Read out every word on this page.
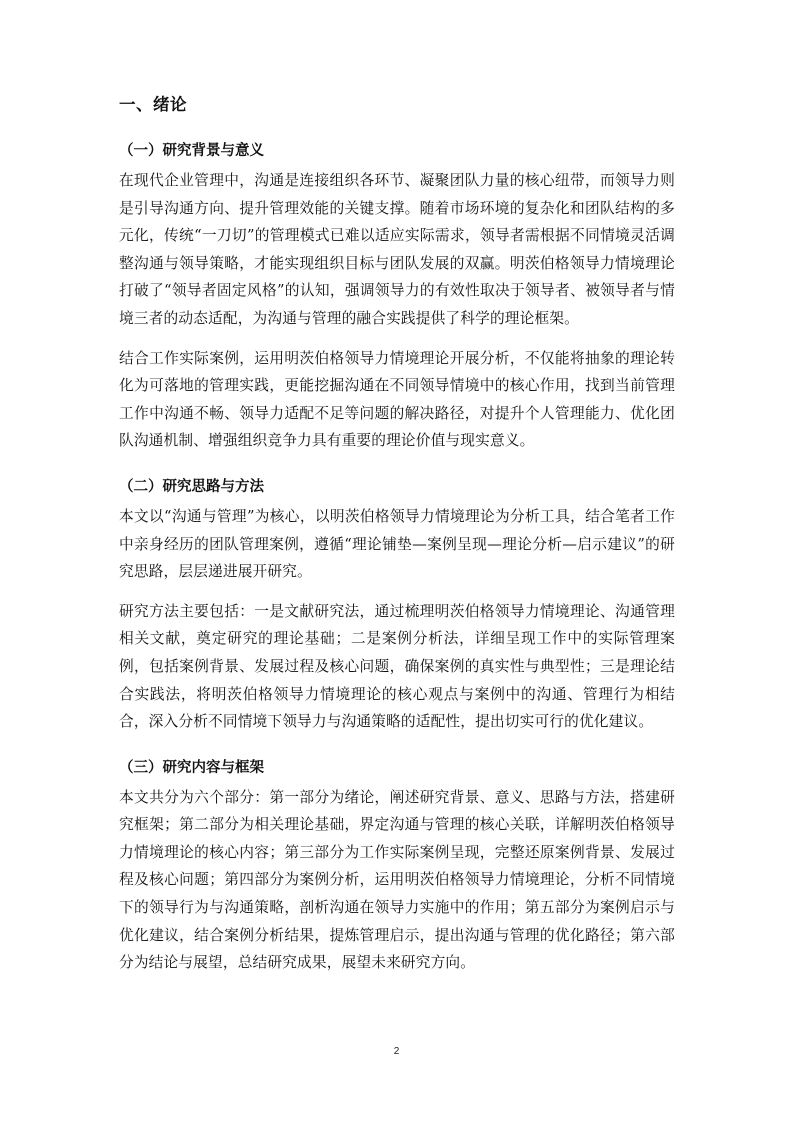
一、绪论
（一）研究背景与意义

在现代企业管理中，沟通是连接组织各环节、凝聚团队力量的核心纽带，而领导力则是引导沟通方向、提升管理效能的关键支撑。随着市场环境的复杂化和团队结构的多元化，传统“一刀切”的管理模式已难以适应实际需求，领导者需根据不同情境灵活调整沟通与领导策略，才能实现组织目标与团队发展的双赢。明茨伯格领导力情境理论打破了“领导者固定风格”的认知，强调领导力的有效性取决于领导者、被领导者与情境三者的动态适配，为沟通与管理的融合实践提供了科学的理论框架。

结合工作实际案例，运用明茨伯格领导力情境理论开展分析，不仅能将抽象的理论转化为可落地的管理实践，更能挖掘沟通在不同领导情境中的核心作用，找到当前管理工作中沟通不畅、领导力适配不足等问题的解决路径，对提升个人管理能力、优化团队沟通机制、增强组织竞争力具有重要的理论价值与现实意义。

（二）研究思路与方法

本文以“沟通与管理”为核心，以明茨伯格领导力情境理论为分析工具，结合笔者工作中亲身经历的团队管理案例，遵循“理论铺垫—案例呈现—理论分析—启示建议”的研究思路，层层递进展开研究。

研究方法主要包括：一是文献研究法，通过梳理明茨伯格领导力情境理论、沟通管理相关文献，奠定研究的理论基础；二是案例分析法，详细呈现工作中的实际管理案例，包括案例背景、发展过程及核心问题，确保案例的真实性与典型性；三是理论结合实践法，将明茨伯格领导力情境理论的核心观点与案例中的沟通、管理行为相结合，深入分析不同情境下领导力与沟通策略的适配性，提出切实可行的优化建议。

（三）研究内容与框架

本文共分为六个部分：第一部分为绪论，阐述研究背景、意义、思路与方法，搭建研究框架；第二部分为相关理论基础，界定沟通与管理的核心关联，详解明茨伯格领导力情境理论的核心内容；第三部分为工作实际案例呈现，完整还原案例背景、发展过程及核心问题；第四部分为案例分析，运用明茨伯格领导力情境理论，分析不同情境下的领导行为与沟通策略，剖析沟通在领导力实施中的作用；第五部分为案例启示与优化建议，结合案例分析结果，提炼管理启示，提出沟通与管理的优化路径；第六部分为结论与展望，总结研究成果，展望未来研究方向。

2
